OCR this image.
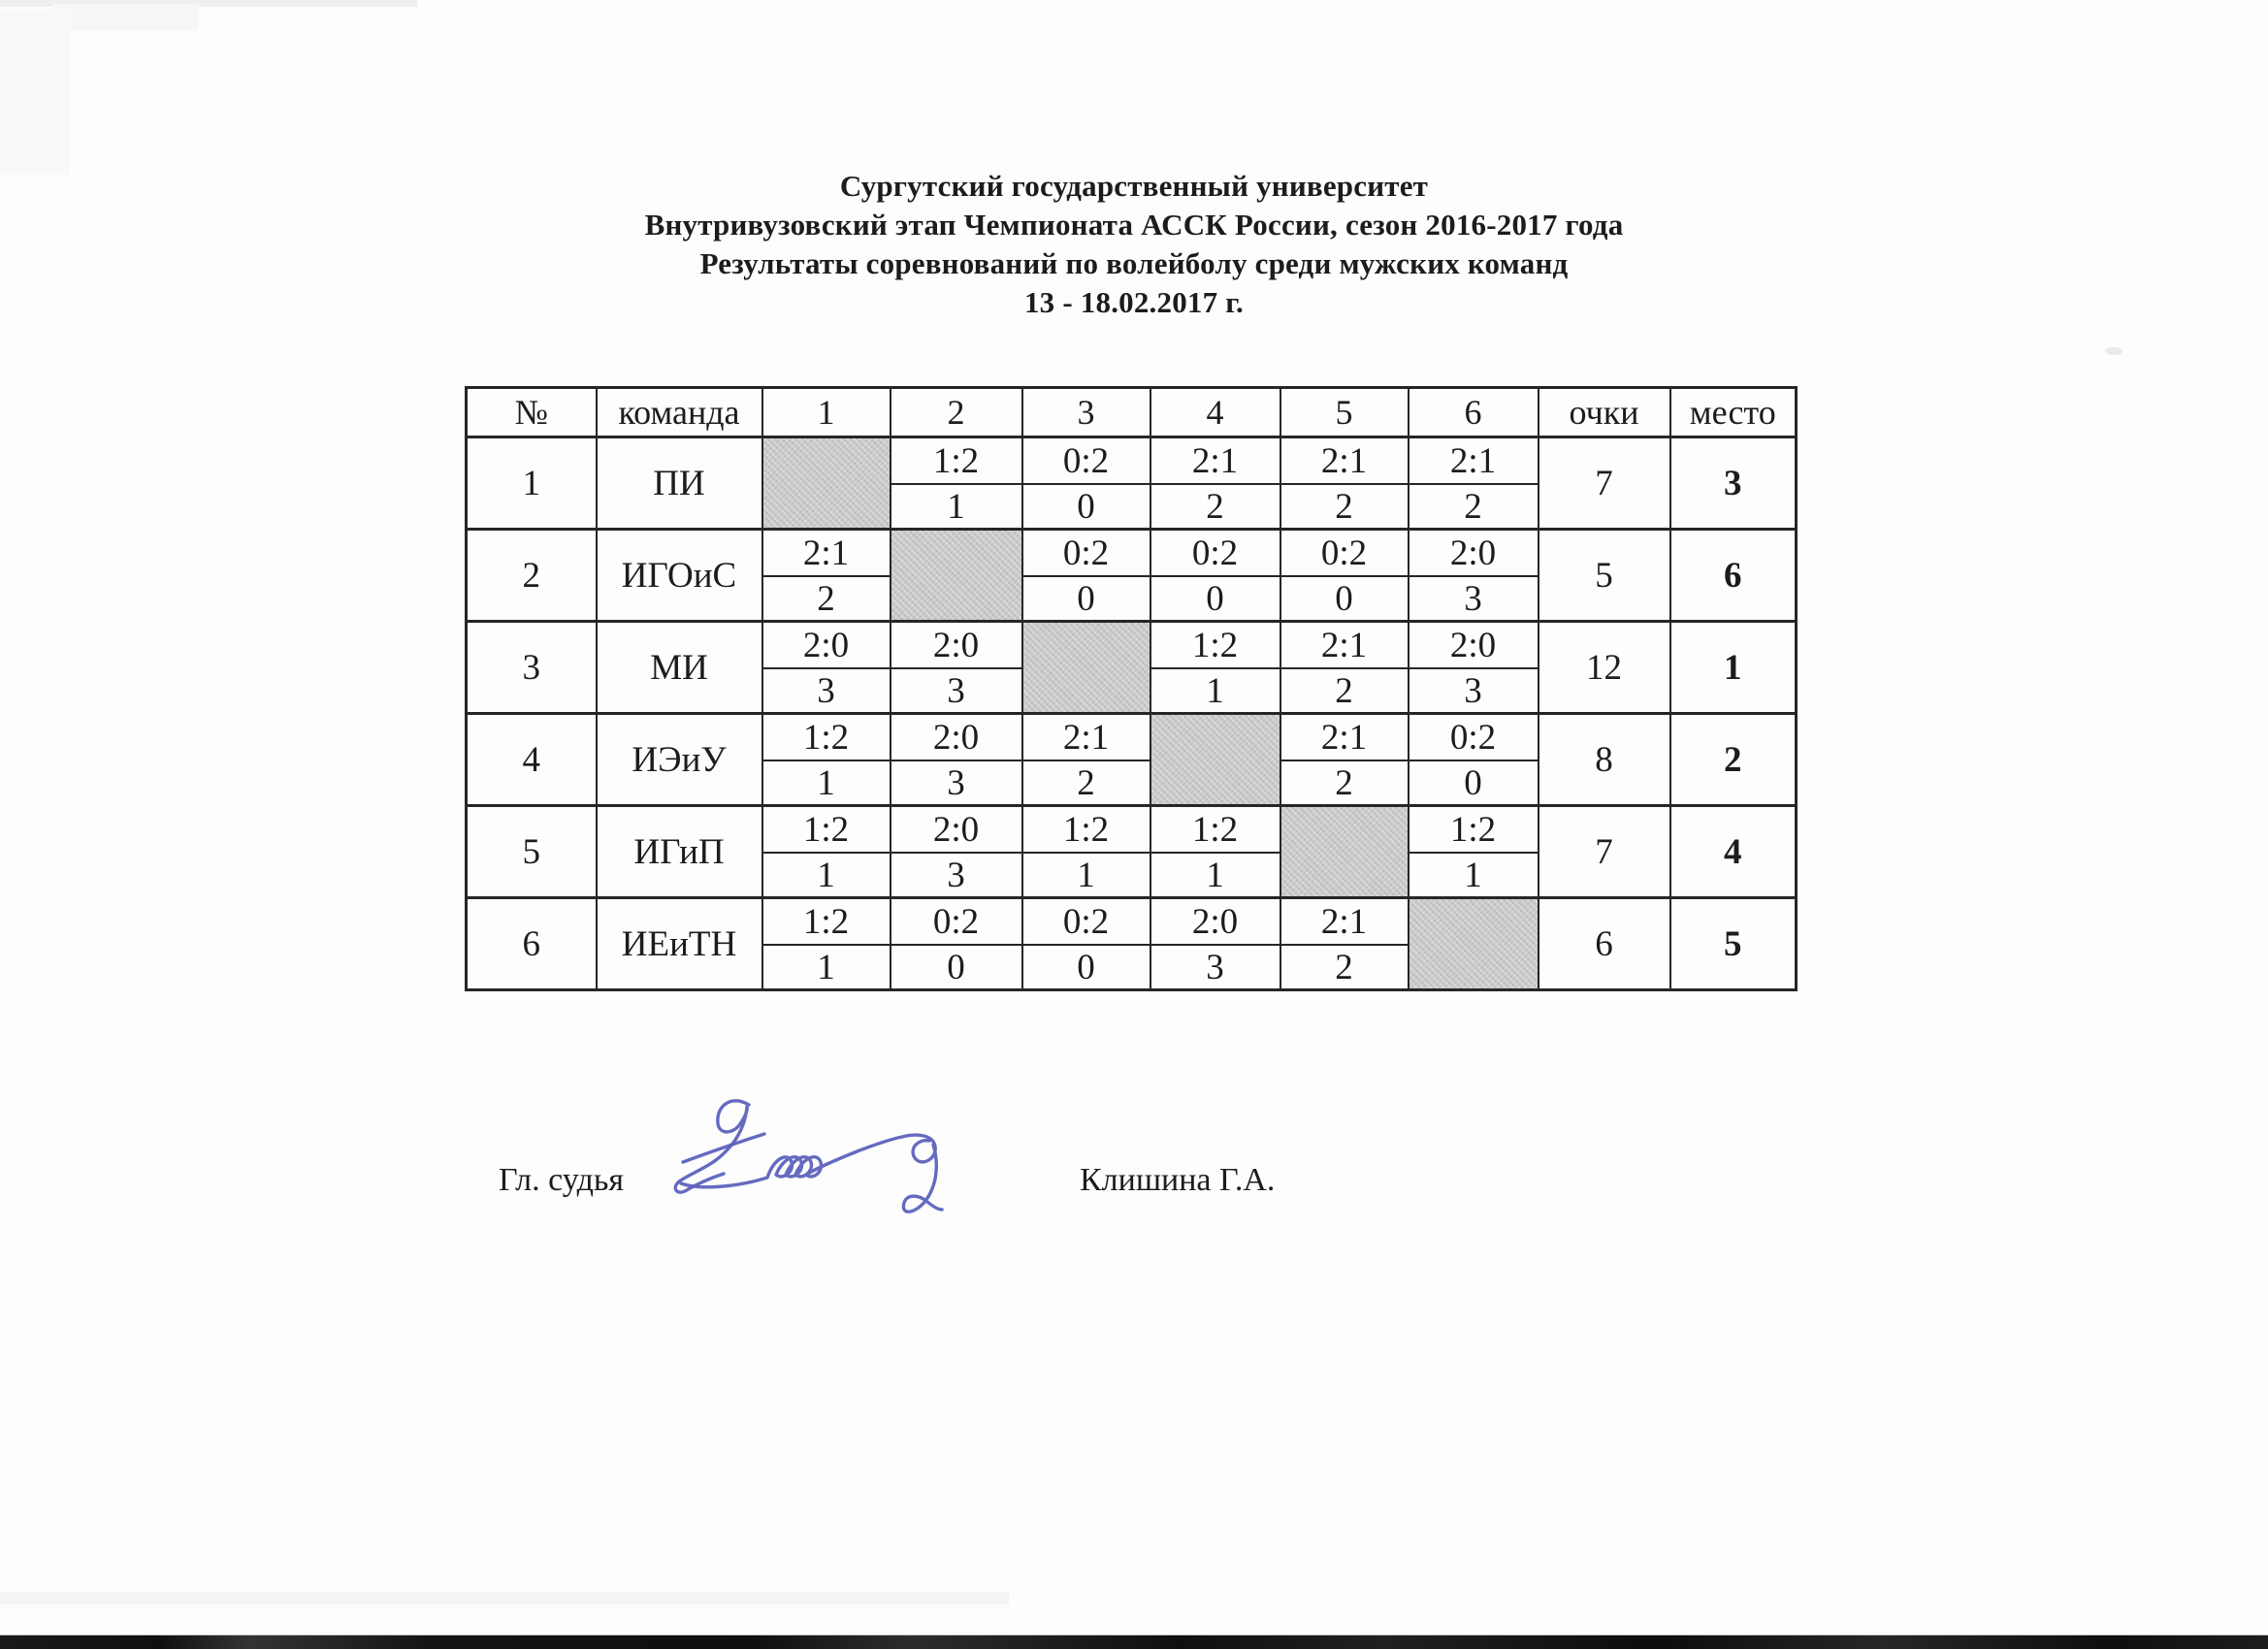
Сургутский государственный университет
Внутривузовский этап Чемпионата АССК России, сезон 2016-2017 года
Результаты соревнований по волейболу среди мужских команд
13 - 18.02.2017 г.
№	команда	1	2	3	4	5	6	очки	место
1	ПИ		1:2	0:2	2:1	2:1	2:1	7	3
			1	0	2	2	2		
2	ИГОиС	2:1		0:2	0:2	0:2	2:0	5	6
		2		0	0	0	3		
3	МИ	2:0	2:0		1:2	2:1	2:0	12	1
		3	3		1	2	3		
4	ИЭиУ	1:2	2:0	2:1		2:1	0:2	8	2
		1	3	2		2	0		
5	ИГиП	1:2	2:0	1:2	1:2		1:2	7	4
		1	3	1	1		1		
6	ИЕиТН	1:2	0:2	0:2	2:0	2:1		6	5
		1	0	0	3	2			
Гл. судья	Клишина Г.А.
